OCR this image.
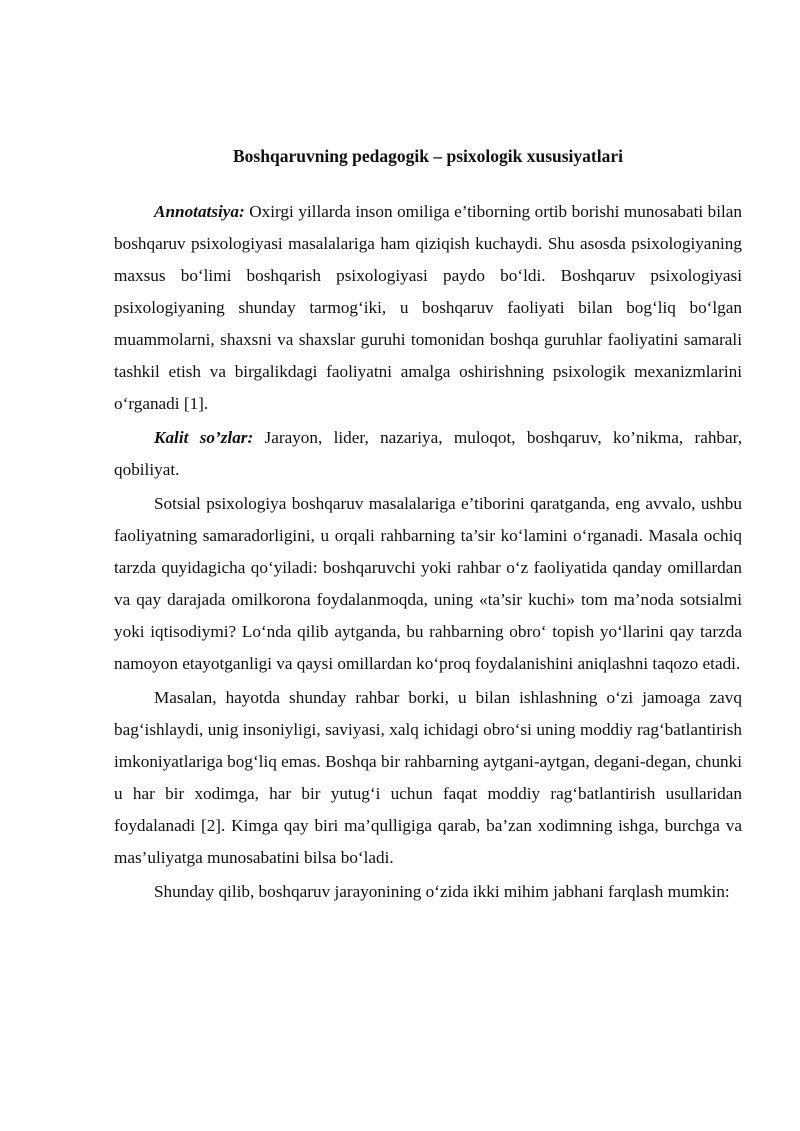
Boshqaruvning pedagogik – psixologik xususiyatlari

Annotatsiya: Oxirgi yillarda inson omiliga e’tiborning ortib borishi munosabati bilan boshqaruv psixologiyasi masalalariga ham qiziqish kuchaydi. Shu asosda psixologiyaning maxsus bo‘limi boshqarish psixologiyasi paydo bo‘ldi. Boshqaruv psixologiyasi psixologiyaning shunday tarmog‘iki, u boshqaruv faoliyati bilan bog‘liq bo‘lgan muammolarni, shaxsni va shaxslar guruhi tomonidan boshqa guruhlar faoliyatini samarali tashkil etish va birgalikdagi faoliyatni amalga oshirishning psixologik mexanizmlarini o‘rganadi [1].

Kalit so’zlar: Jarayon, lider, nazariya, muloqot, boshqaruv, ko’nikma, rahbar, qobiliyat.

Sotsial psixologiya boshqaruv masalalariga e’tiborini qaratganda, eng avvalo, ushbu faoliyatning samaradorligini, u orqali rahbarning ta’sir ko‘lamini o‘rganadi. Masala ochiq tarzda quyidagicha qo‘yiladi: boshqaruvchi yoki rahbar o‘z faoliyatida qanday omillardan va qay darajada omilkorona foydalanmoqda, uning «ta’sir kuchi» tom ma’noda sotsialmi yoki iqtisodiymi? Lo‘nda qilib aytganda, bu rahbarning obro‘ topish yo‘llarini qay tarzda namoyon etayotganligi va qaysi omillardan ko‘proq foydalanishini aniqlashni taqozo etadi.

Masalan, hayotda shunday rahbar borki, u bilan ishlashning o‘zi jamoaga zavq bag‘ishlaydi, unig insoniyligi, saviyasi, xalq ichidagi obro‘si uning moddiy rag‘batlantirish imkoniyatlariga bog‘liq emas. Boshqa bir rahbarning aytgani-aytgan, degani-degan, chunki u har bir xodimga, har bir yutug‘i uchun faqat moddiy rag‘batlantirish usullaridan foydalanadi [2]. Kimga qay biri ma’qulligiga qarab, ba’zan xodimning ishga, burchga va mas’uliyatga munosabatini bilsa bo‘ladi.

Shunday qilib, boshqaruv jarayonining o‘zida ikki mihim jabhani farqlash mumkin:
